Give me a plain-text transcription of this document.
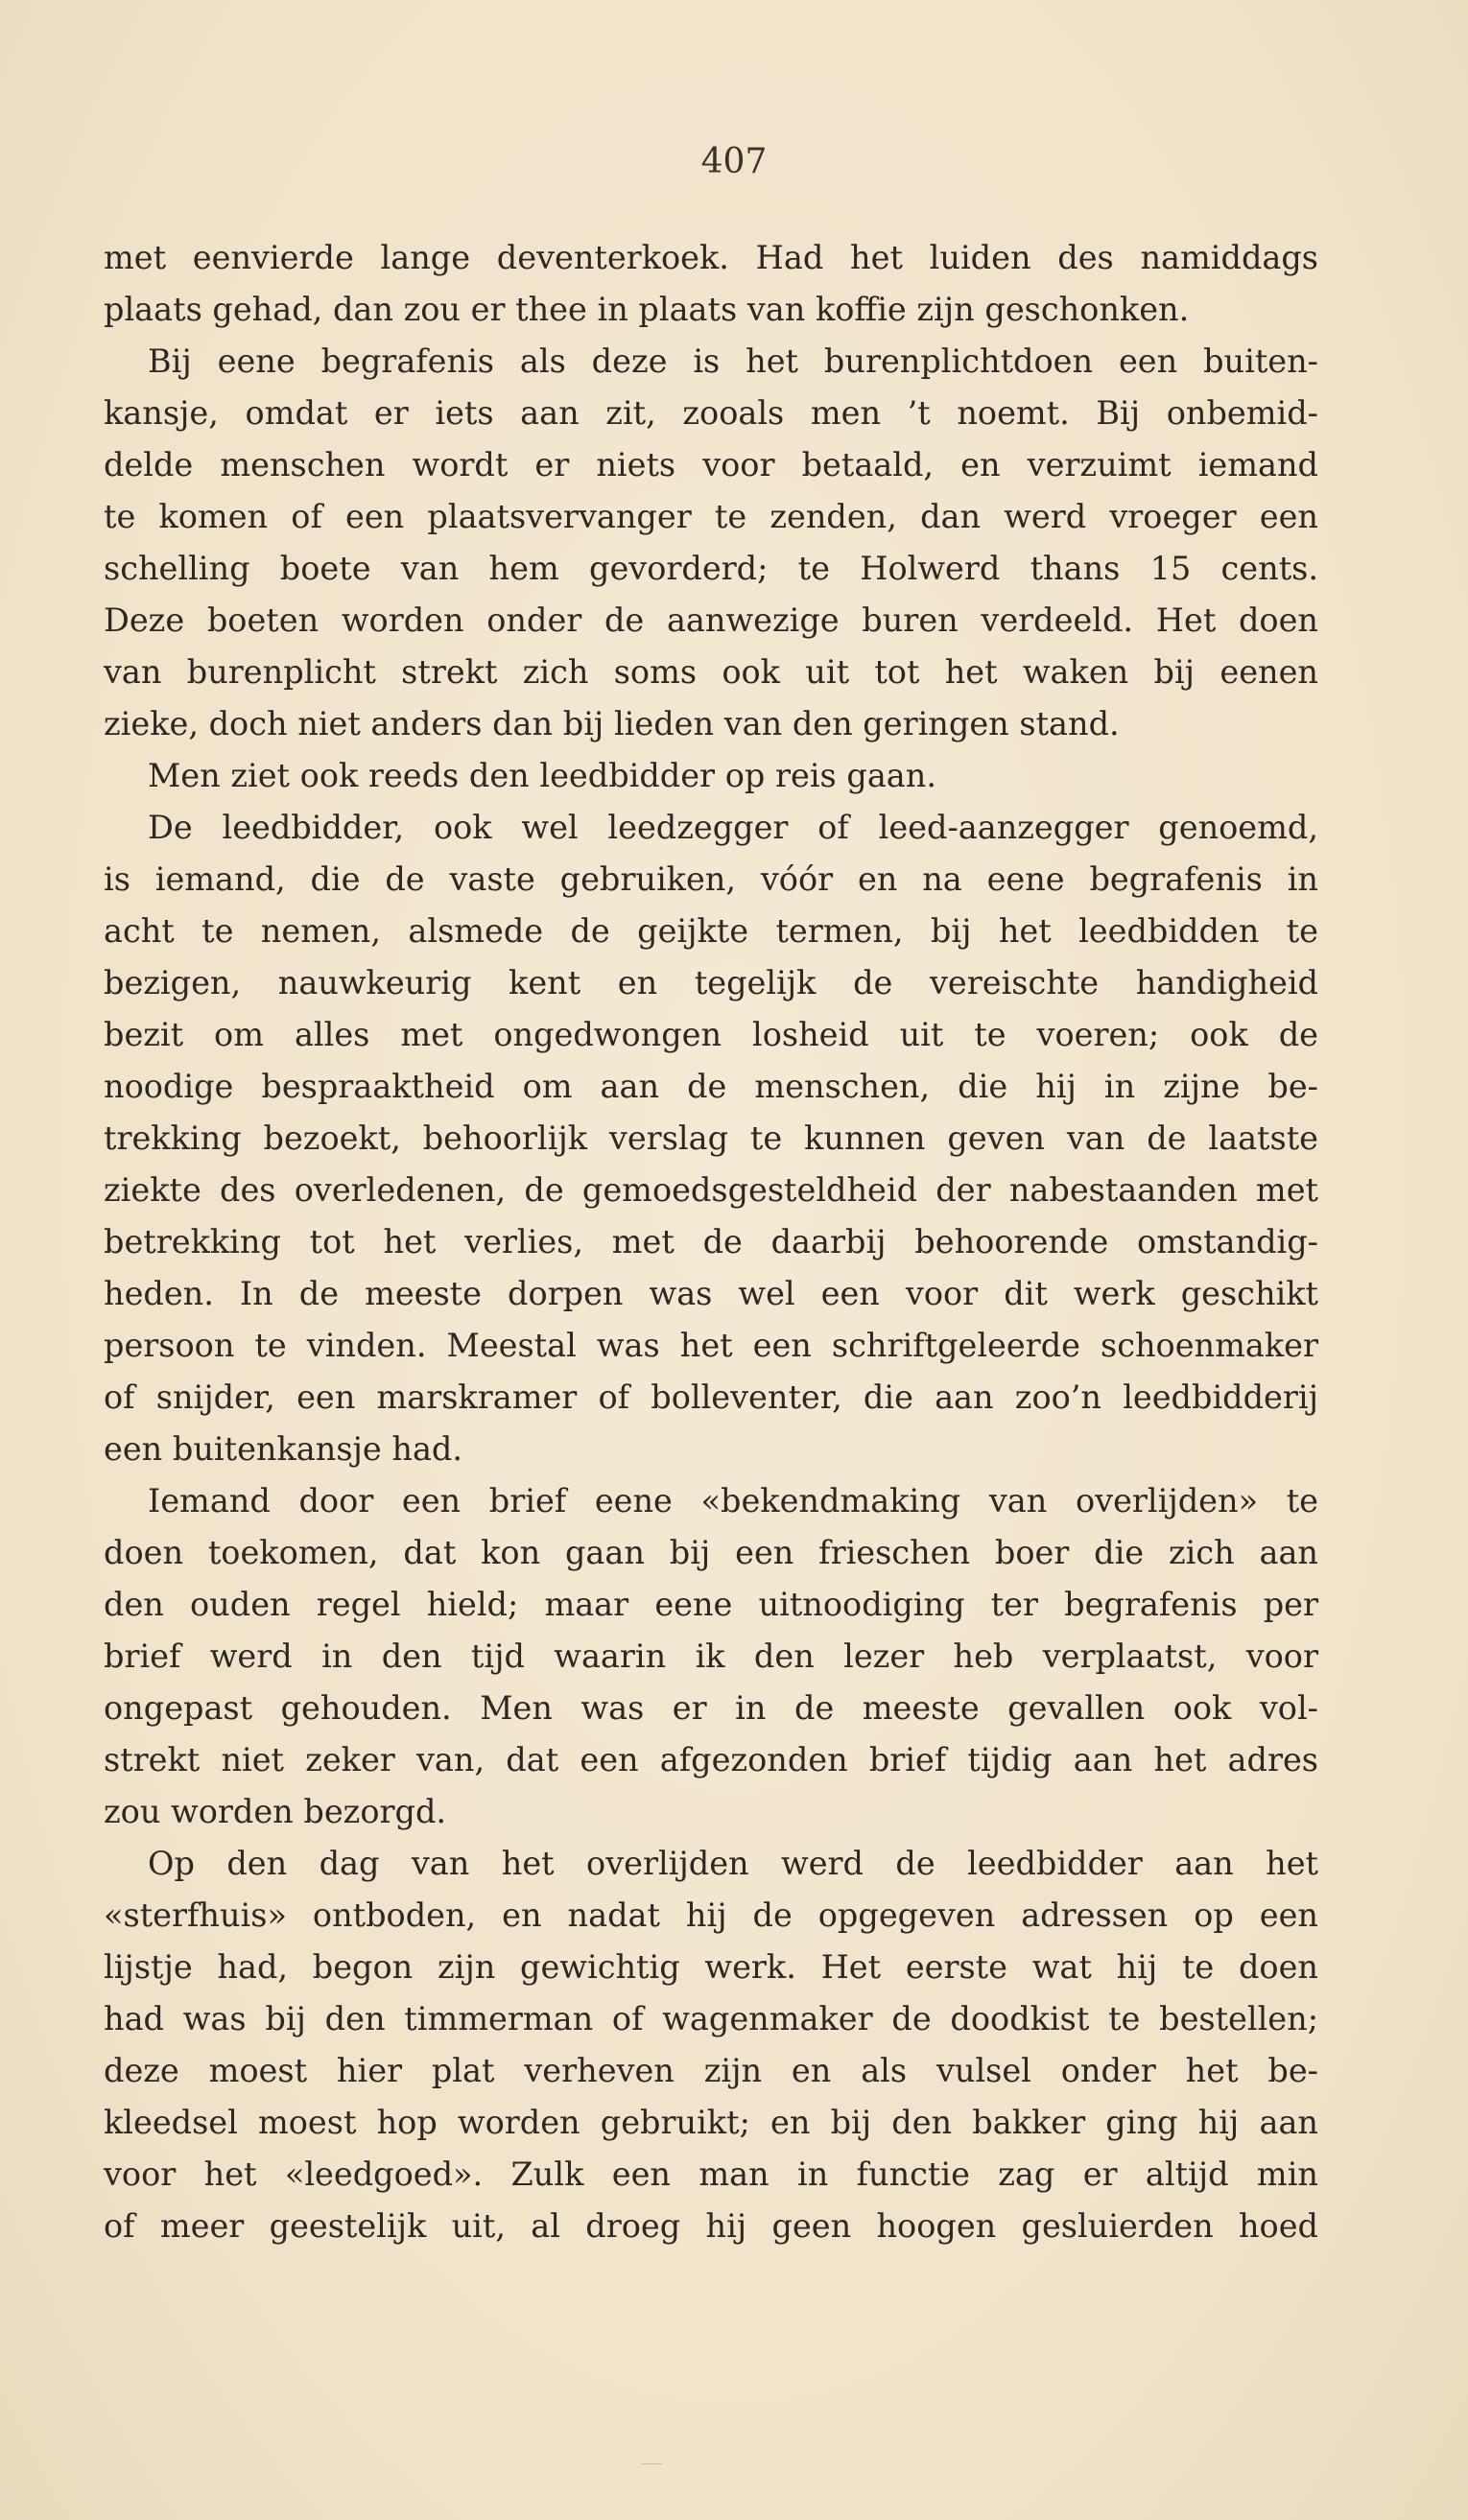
407
met eenvierde lange deventerkoek. Had het luiden des namiddags
plaats gehad, dan zou er thee in plaats van koffie zijn geschonken.
Bij eene begrafenis als deze is het burenplichtdoen een buiten-
kansje, omdat er iets aan zit, zooals men ’t noemt. Bij onbemid-
delde menschen wordt er niets voor betaald, en verzuimt iemand
te komen of een plaatsvervanger te zenden, dan werd vroeger een
schelling boete van hem gevorderd; te Holwerd thans 15 cents.
Deze boeten worden onder de aanwezige buren verdeeld. Het doen
van burenplicht strekt zich soms ook uit tot het waken bij eenen
zieke, doch niet anders dan bij lieden van den geringen stand.
Men ziet ook reeds den leedbidder op reis gaan.
De leedbidder, ook wel leedzegger of leed-aanzegger genoemd,
is iemand, die de vaste gebruiken, vóór en na eene begrafenis in
acht te nemen, alsmede de geijkte termen, bij het leedbidden te
bezigen, nauwkeurig kent en tegelijk de vereischte handigheid
bezit om alles met ongedwongen losheid uit te voeren; ook de
noodige bespraaktheid om aan de menschen, die hij in zijne be-
trekking bezoekt, behoorlijk verslag te kunnen geven van de laatste
ziekte des overledenen, de gemoedsgesteldheid der nabestaanden met
betrekking tot het verlies, met de daarbij behoorende omstandig-
heden. In de meeste dorpen was wel een voor dit werk geschikt
persoon te vinden. Meestal was het een schriftgeleerde schoenmaker
of snijder, een marskramer of bolleventer, die aan zoo’n leedbidderij
een buitenkansje had.
Iemand door een brief eene «bekendmaking van overlijden» te
doen toekomen, dat kon gaan bij een frieschen boer die zich aan
den ouden regel hield; maar eene uitnoodiging ter begrafenis per
brief werd in den tijd waarin ik den lezer heb verplaatst, voor
ongepast gehouden. Men was er in de meeste gevallen ook vol-
strekt niet zeker van, dat een afgezonden brief tijdig aan het adres
zou worden bezorgd.
Op den dag van het overlijden werd de leedbidder aan het
«sterfhuis» ontboden, en nadat hij de opgegeven adressen op een
lijstje had, begon zijn gewichtig werk. Het eerste wat hij te doen
had was bij den timmerman of wagenmaker de doodkist te bestellen;
deze moest hier plat verheven zijn en als vulsel onder het be-
kleedsel moest hop worden gebruikt; en bij den bakker ging hij aan
voor het «leedgoed». Zulk een man in functie zag er altijd min
of meer geestelijk uit, al droeg hij geen hoogen gesluierden hoed
